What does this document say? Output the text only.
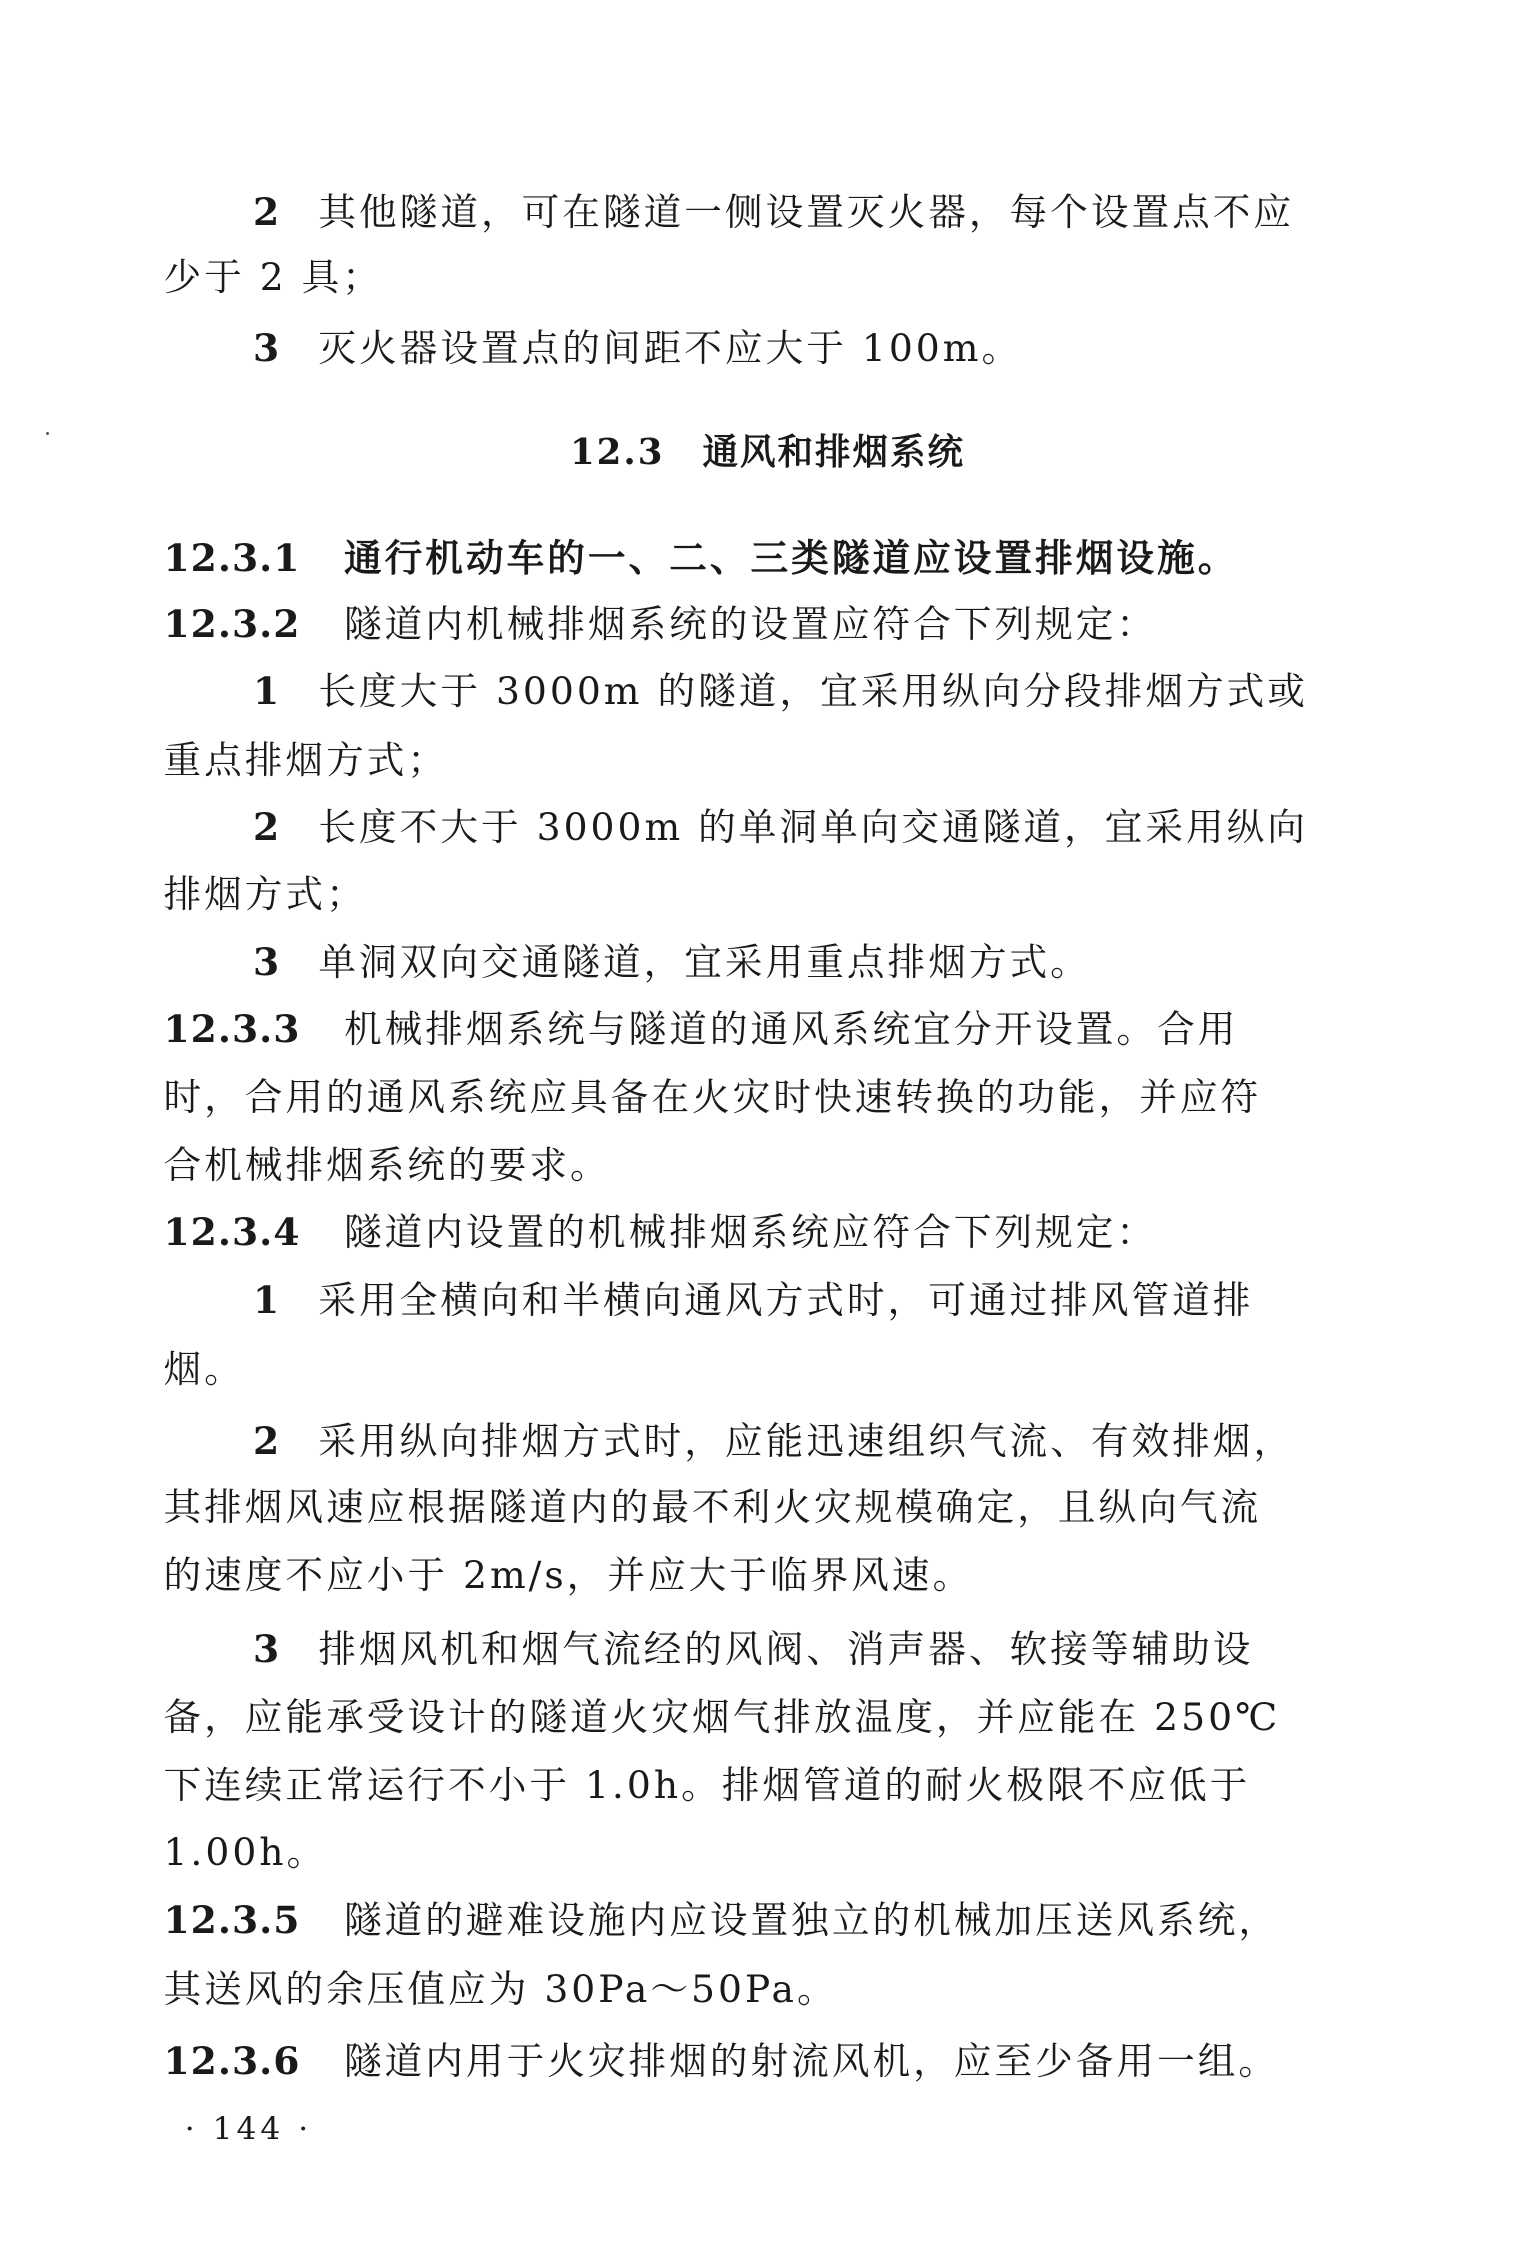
2 其他隧道，可在隧道一侧设置灭火器，每个设置点不应
少于 2 具；
3 灭火器设置点的间距不应大于 100m。
12.3 通风和排烟系统
12.3.1 通行机动车的一、二、三类隧道应设置排烟设施。
12.3.2 隧道内机械排烟系统的设置应符合下列规定：
1 长度大于 3000m 的隧道，宜采用纵向分段排烟方式或
重点排烟方式；
2 长度不大于 3000m 的单洞单向交通隧道，宜采用纵向
排烟方式；
3 单洞双向交通隧道，宜采用重点排烟方式。
12.3.3 机械排烟系统与隧道的通风系统宜分开设置。合用
时，合用的通风系统应具备在火灾时快速转换的功能，并应符
合机械排烟系统的要求。
12.3.4 隧道内设置的机械排烟系统应符合下列规定：
1 采用全横向和半横向通风方式时，可通过排风管道排
烟。
2 采用纵向排烟方式时，应能迅速组织气流、有效排烟，
其排烟风速应根据隧道内的最不利火灾规模确定，且纵向气流
的速度不应小于 2m/s，并应大于临界风速。
3 排烟风机和烟气流经的风阀、消声器、软接等辅助设
备，应能承受设计的隧道火灾烟气排放温度，并应能在 250℃
下连续正常运行不小于 1.0h。排烟管道的耐火极限不应低于
1.00h。
12.3.5 隧道的避难设施内应设置独立的机械加压送风系统，
其送风的余压值应为 30Pa～50Pa。
12.3.6 隧道内用于火灾排烟的射流风机，应至少备用一组。
· 144 ·
